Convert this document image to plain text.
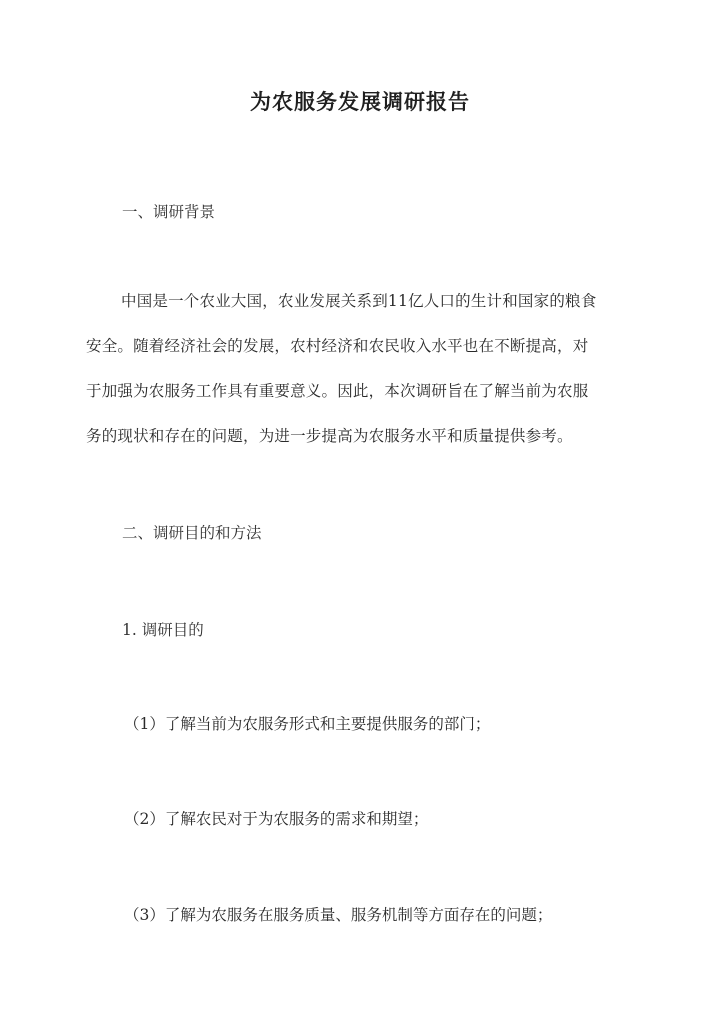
为农服务发展调研报告
一、调研背景
中国是一个农业大国，农业发展关系到11亿人口的生计和国家的粮食
安全。随着经济社会的发展，农村经济和农民收入水平也在不断提高，对
于加强为农服务工作具有重要意义。因此，本次调研旨在了解当前为农服
务的现状和存在的问题，为进一步提高为农服务水平和质量提供参考。
二、调研目的和方法
1. 调研目的
（1）了解当前为农服务形式和主要提供服务的部门；
（2）了解农民对于为农服务的需求和期望；
（3）了解为农服务在服务质量、服务机制等方面存在的问题；
